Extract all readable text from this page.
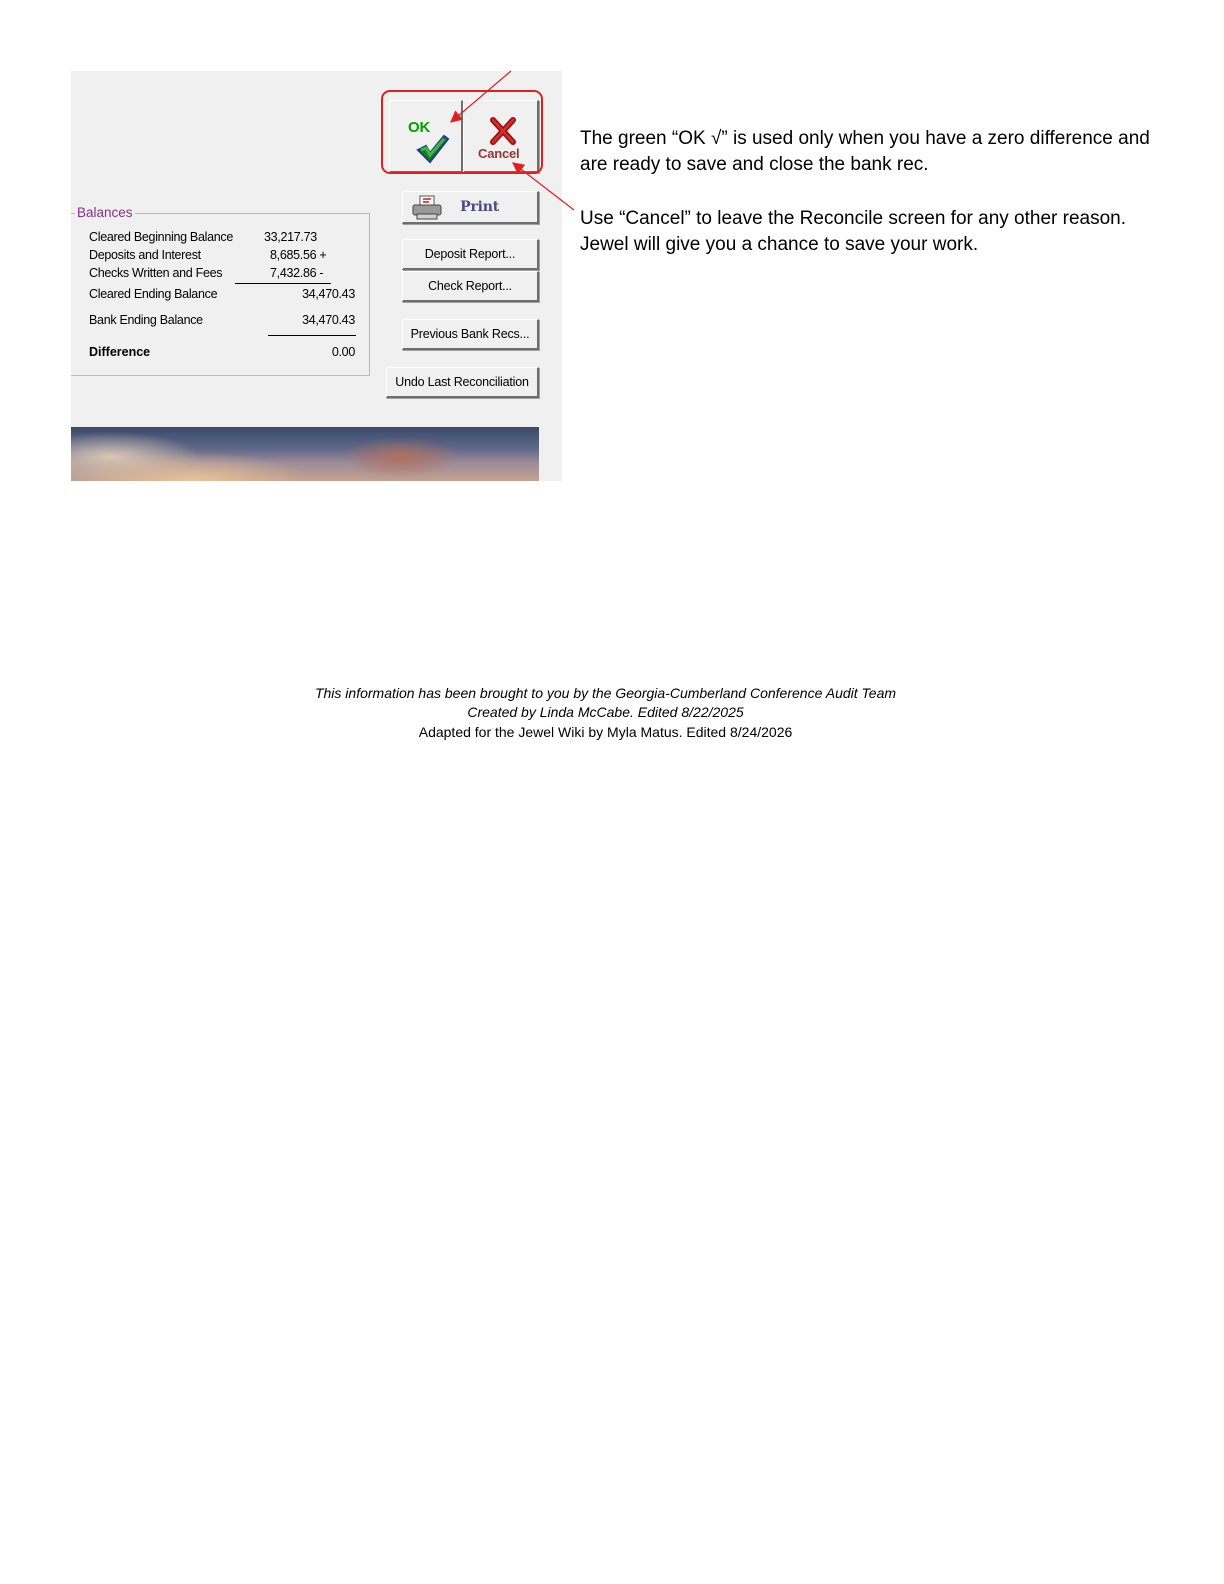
OK
Cancel
Print
Deposit Report...
Check Report...
Previous Bank Recs...
Undo Last Reconciliation
Balances
Cleared Beginning Balance 33,217.73
Deposits and Interest	8,685.56 +
Checks Written and Fees	7,432.86 -
Cleared Ending Balance	34,470.43
Bank Ending Balance	34,470.43
Difference	0.00

The green “OK √” is used only when you have a zero difference and are ready to save and close the bank rec.

Use “Cancel” to leave the Reconcile screen for any other reason. Jewel will give you a chance to save your work.

This information has been brought to you by the Georgia-Cumberland Conference Audit Team
Created by Linda McCabe. Edited 8/22/2025
Adapted for the Jewel Wiki by Myla Matus. Edited 8/24/2026
